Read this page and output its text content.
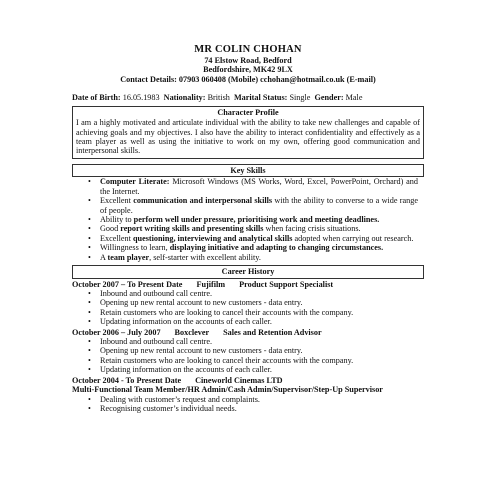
MR COLIN CHOHAN
74 Elstow Road, Bedford
Bedfordshire, MK42 9LX
Contact Details: 07903 060408 (Mobile) cchohan@hotmail.co.uk (E-mail)
Date of Birth: 16.05.1983 Nationality: British Marital Status: Single Gender: Male
Character Profile
I am a highly motivated and articulate individual with the ability to take new challenges and capable of achieving goals and my objectives. I also have the ability to interact confidentiality and effectively as a team player as well as using the initiative to work on my own, offering good communication and interpersonal skills.
Key Skills
• Computer Literate: Microsoft Windows (MS Works, Word, Excel, PowerPoint, Orchard) and the Internet.
• Excellent communication and interpersonal skills with the ability to converse to a wide range of people.
• Ability to perform well under pressure, prioritising work and meeting deadlines.
• Good report writing skills and presenting skills when facing crisis situations.
• Excellent questioning, interviewing and analytical skills adopted when carrying out research.
• Willingness to learn, displaying initiative and adapting to changing circumstances.
• A team player, self-starter with excellent ability.
Career History
October 2007 – To Present Date Fujifilm Product Support Specialist
• Inbound and outbound call centre.
• Opening up new rental account to new customers - data entry.
• Retain customers who are looking to cancel their accounts with the company.
• Updating information on the accounts of each caller.
October 2006 – July 2007 Boxclever Sales and Retention Advisor
• Inbound and outbound call centre.
• Opening up new rental account to new customers - data entry.
• Retain customers who are looking to cancel their accounts with the company.
• Updating information on the accounts of each caller.
October 2004 - To Present Date Cineworld Cinemas LTD
Multi-Functional Team Member/HR Admin/Cash Admin/Supervisor/Step-Up Supervisor
• Dealing with customer’s request and complaints.
• Recognising customer’s individual needs.
